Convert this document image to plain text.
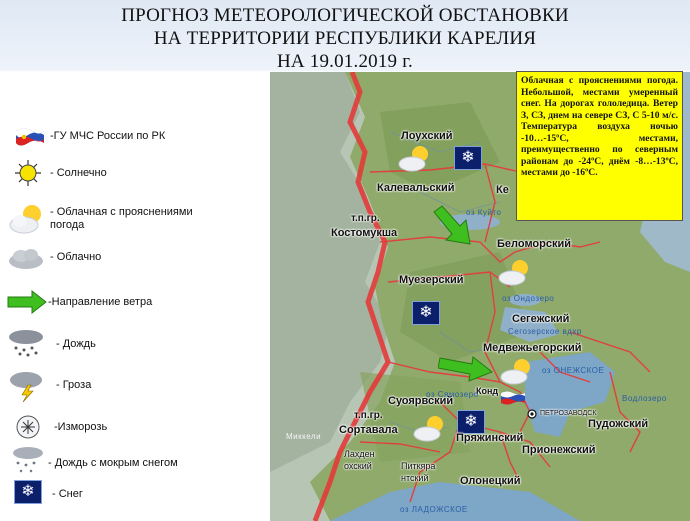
ПРОГНОЗ МЕТЕОРОЛОГИЧЕСКОЙ ОБСТАНОВКИ
НА ТЕРРИТОРИИ РЕСПУБЛИКИ КАРЕЛИЯ
НА 19.01.2019 г.
-ГУ МЧС России по РК
- Солнечно
- Облачная с прояснениями погода
- Облачно
-Направление ветра
- Дождь
- Гроза
-Изморозь
- Дождь с мокрым снегом
❄	- Снег
❄
❄
❄
Лоухский
Калевальский	Ке
т.п.гр.
Костомукша
Беломорский
Муезерский
Сегежский
Медвежьегорский
Конд
Суоярвский
т.п.гр.
Сортавала	Пудожский
Пряжинский
Прионежский
ПЕТРОЗАВОДСК
Лахден
охский	Питкяра
нтский	Олонецкий
оз Куйто
оз Ондозеро
Сегозерское вдхр
оз ОНЕЖСКОЕ
Водлозеро
оз Сямозеро
оз ЛАДОЖСКОЕ
Миккели
Облачная с прояснениями погода. Небольшой, местами умеренный снег. На дорогах гололедица. Ветер З, СЗ, днем на севере СЗ, С 5-10 м/с. Температура воздуха ночью -10…-15ºС, местами, преимущественно по северным районам до -24ºС, днём -8…-13ºС, местами до -16ºС.
